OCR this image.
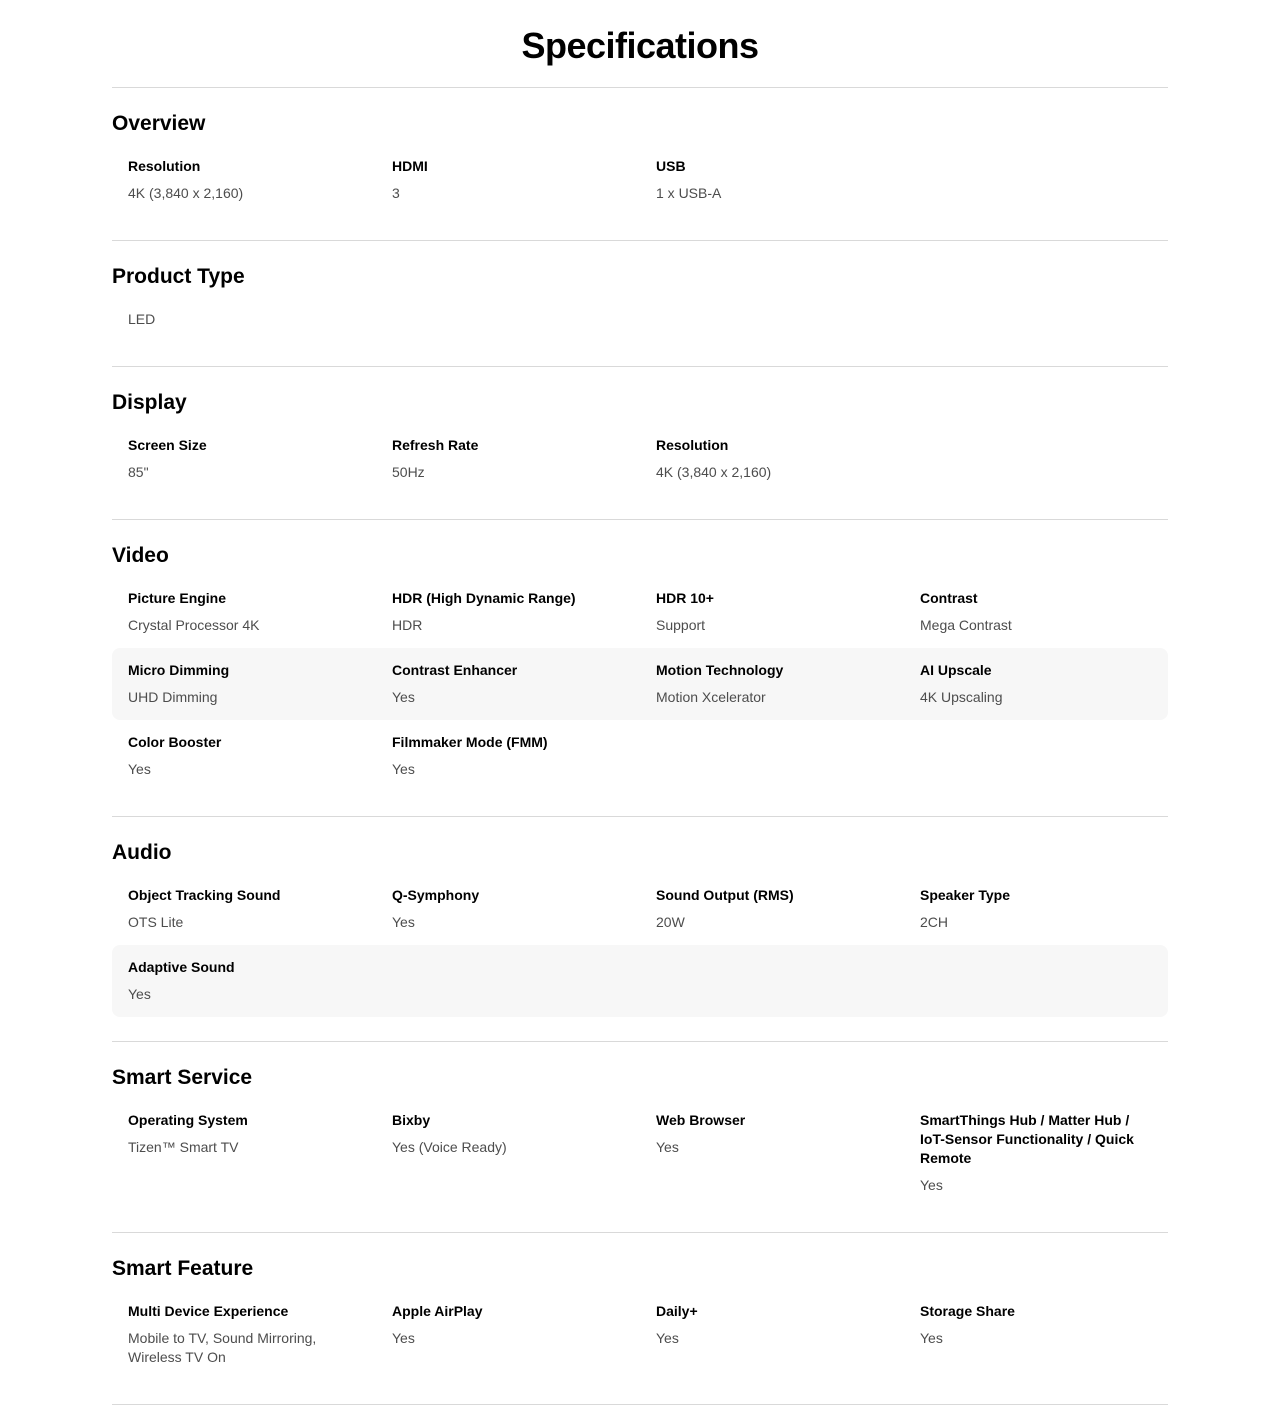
Specifications
Overview
Resolution
4K (3,840 x 2,160)
HDMI
3
USB
1 x USB-A
Product Type
LED
Display
Screen Size
85"
Refresh Rate
50Hz
Resolution
4K (3,840 x 2,160)
Video
Picture Engine
Crystal Processor 4K
HDR (High Dynamic Range)
HDR
HDR 10+
Support
Contrast
Mega Contrast
Micro Dimming
UHD Dimming
Contrast Enhancer
Yes
Motion Technology
Motion Xcelerator
AI Upscale
4K Upscaling
Color Booster
Yes
Filmmaker Mode (FMM)
Yes
Audio
Object Tracking Sound
OTS Lite
Q-Symphony
Yes
Sound Output (RMS)
20W
Speaker Type
2CH
Adaptive Sound
Yes
Smart Service
Operating System
Tizen™ Smart TV
Bixby
Yes (Voice Ready)
Web Browser
Yes
SmartThings Hub / Matter Hub / IoT-Sensor Functionality / Quick Remote
Yes
Smart Feature
Multi Device Experience
Mobile to TV, Sound Mirroring, Wireless TV On
Apple AirPlay
Yes
Daily+
Yes
Storage Share
Yes
